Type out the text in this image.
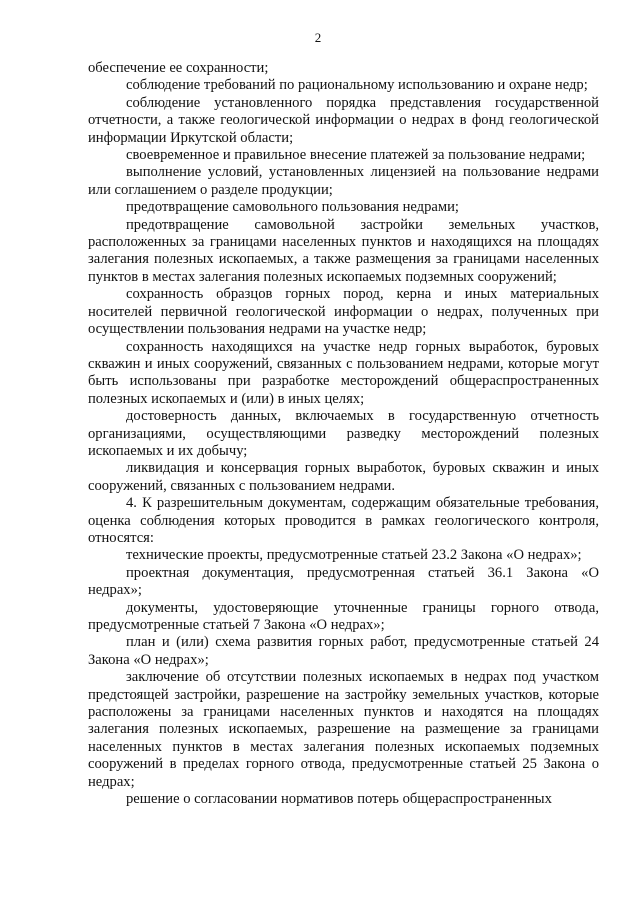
2

обеспечение ее сохранности;

соблюдение требований по рациональному использованию и охране недр;

соблюдение установленного порядка представления государственной отчетности, а также геологической информации о недрах в фонд геологической информации Иркутской области;

своевременное и правильное внесение платежей за пользование недрами;

выполнение условий, установленных лицензией на пользование недрами или соглашением о разделе продукции;

предотвращение самовольного пользования недрами;

предотвращение самовольной застройки земельных участков, расположенных за границами населенных пунктов и находящихся на площадях залегания полезных ископаемых, а также размещения за границами населенных пунктов в местах залегания полезных ископаемых подземных сооружений;

сохранность образцов горных пород, керна и иных материальных носителей первичной геологической информации о недрах, полученных при осуществлении пользования недрами на участке недр;

сохранность находящихся на участке недр горных выработок, буровых скважин и иных сооружений, связанных с пользованием недрами, которые могут быть использованы при разработке месторождений общераспространенных полезных ископаемых и (или) в иных целях;

достоверность данных, включаемых в государственную отчетность организациями, осуществляющими разведку месторождений полезных ископаемых и их добычу;

ликвидация и консервация горных выработок, буровых скважин и иных сооружений, связанных с пользованием недрами.

4. К разрешительным документам, содержащим обязательные требования, оценка соблюдения которых проводится в рамках геологического контроля, относятся:

технические проекты, предусмотренные статьей 23.2 Закона «О недрах»;

проектная документация, предусмотренная статьей 36.1 Закона «О недрах»;

документы, удостоверяющие уточненные границы горного отвода, предусмотренные статьей 7 Закона «О недрах»;

план и (или) схема развития горных работ, предусмотренные статьей 24 Закона «О недрах»;

заключение об отсутствии полезных ископаемых в недрах под участком предстоящей застройки, разрешение на застройку земельных участков, которые расположены за границами населенных пунктов и находятся на площадях залегания полезных ископаемых, разрешение на размещение за границами населенных пунктов в местах залегания полезных ископаемых подземных сооружений в пределах горного отвода, предусмотренные статьей 25 Закона о недрах;

решение о согласовании нормативов потерь общераспространенных
